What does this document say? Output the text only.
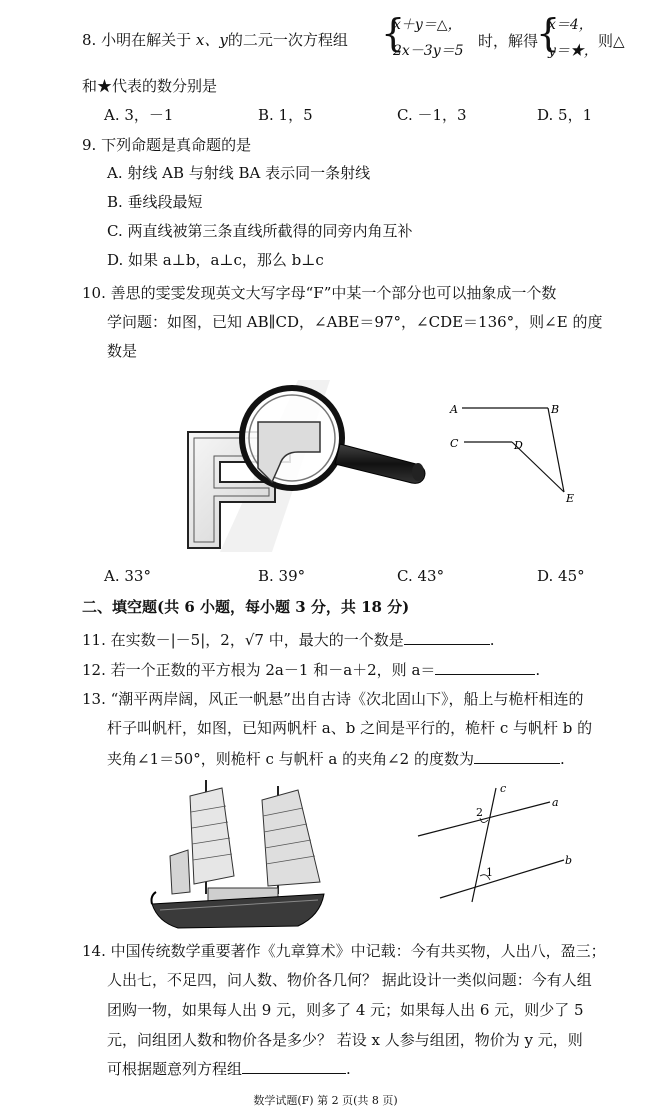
8. 小明在解关于 x、y的二元一次方程组 {
x＋y＝△，
2x－3y＝5
时，解得
{
x＝4，
y＝★，
则△
和★代表的数分别是
A. 3，－1	B. 1，5	C. －1，3	D. 5，1
9. 下列命题是真命题的是
A. 射线 AB 与射线 BA 表示同一条射线
B. 垂线段最短
C. 两直线被第三条直线所截得的同旁内角互补
D. 如果 a⊥b，a⊥c，那么 b⊥c
10. 善思的雯雯发现英文大写字母“F”中某一个部分也可以抽象成一个数
学问题：如图，已知 AB∥CD，∠ABE＝97°，∠CDE＝136°，则∠E 的度
数是
A	B
C	D
E
A. 33°	B. 39°	C. 43°	D. 45°
二、填空题(共 6 小题，每小题 3 分，共 18 分)
11. 在实数－|－5|，2，√7 中，最大的一个数是	.
12. 若一个正数的平方根为 2a－1 和－a＋2，则 a＝	.
13. “潮平两岸阔，风正一帆悬”出自古诗《次北固山下》，船上与桅杆相连的
杆子叫帆杆，如图，已知两帆杆 a、b 之间是平行的，桅杆 c 与帆杆 b 的
夹角∠1＝50°，则桅杆 c 与帆杆 a 的夹角∠2 的度数为	.
c
a
b
2
1
14. 中国传统数学重要著作《九章算术》中记载：今有共买物，人出八，盈三；
人出七，不足四，问人数、物价各几何？ 据此设计一类似问题：今有人组
团购一物，如果每人出 9 元，则多了 4 元；如果每人出 6 元，则少了 5
元，问组团人数和物价各是多少？ 若设 x 人参与组团，物价为 y 元，则
可根据题意列方程组	.
数学试题(F) 第 2 页(共 8 页)
